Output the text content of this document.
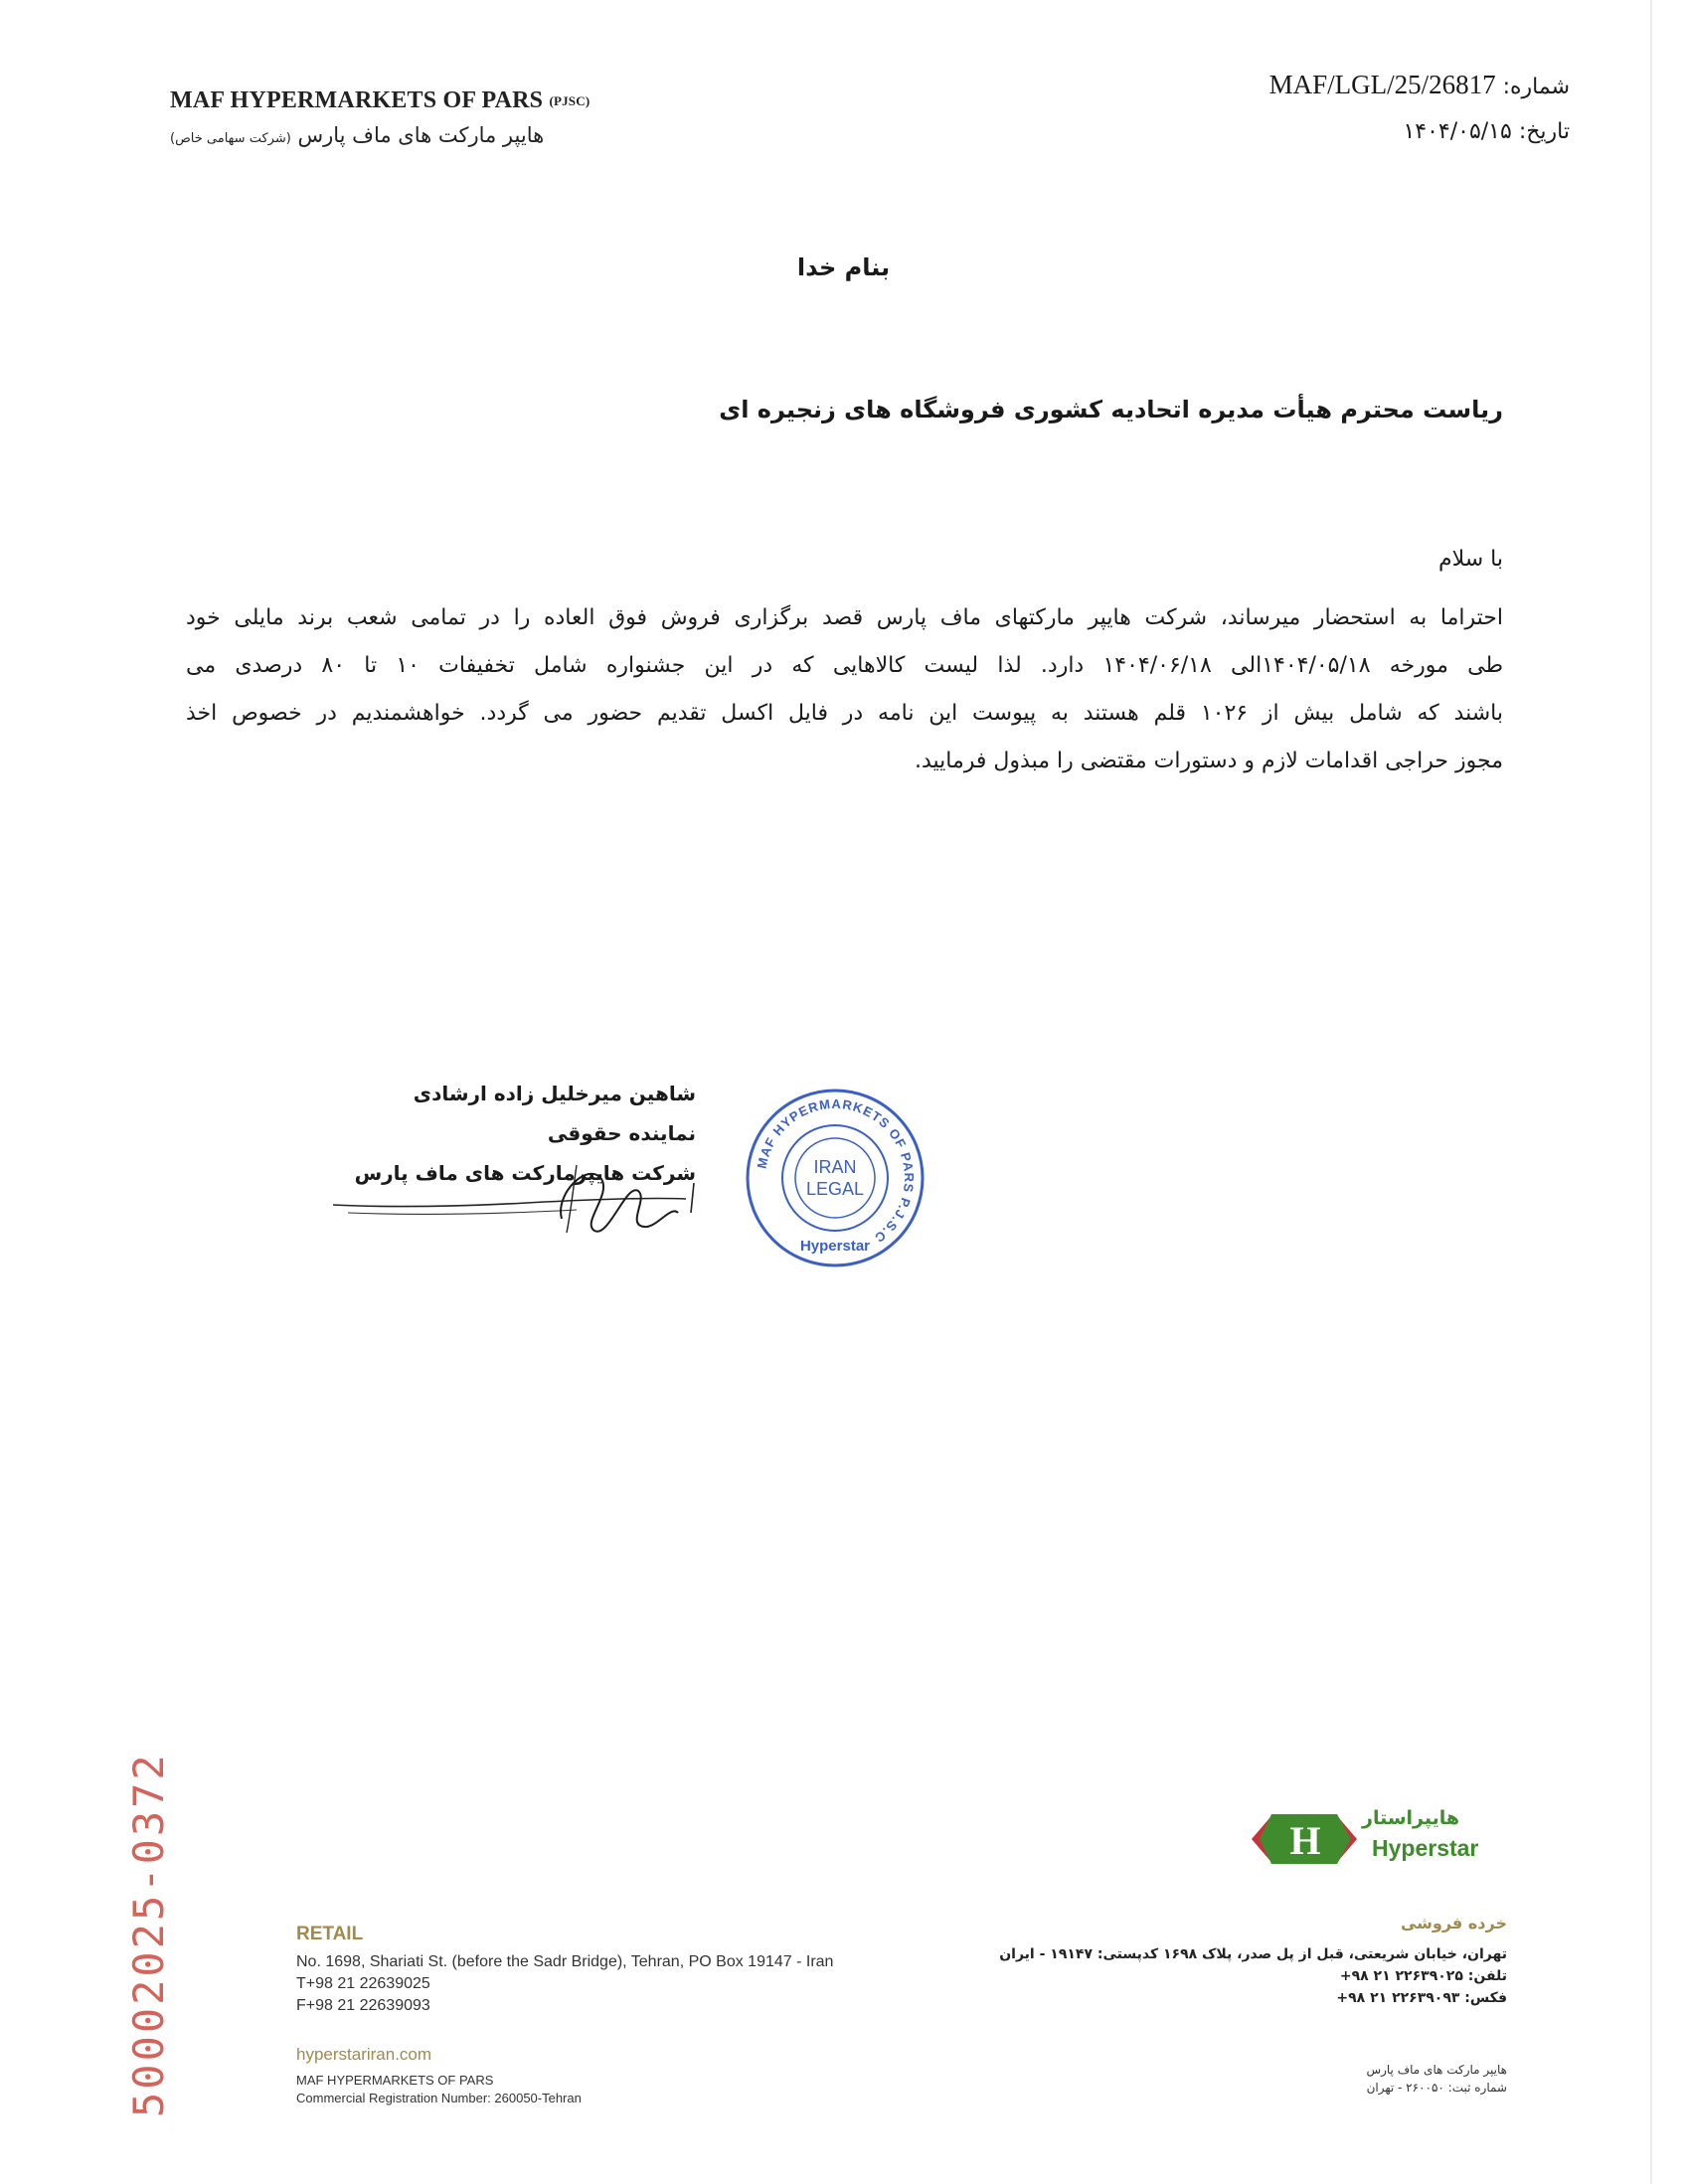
MAF HYPERMARKETS OF PARS (PJSC)
هایپر مارکت های ماف پارس (شرکت سهامی خاص)
شماره: MAF/LGL/25/26817
تاریخ: ۱۴۰۴/۰۵/۱۵
بنام خدا
ریاست محترم هیأت مدیره اتحادیه کشوری فروشگاه های زنجیره ای
با سلام
احتراما به استحضار میرساند، شرکت هایپر مارکتهای ماف پارس قصد برگزاری فروش فوق العاده را در تمامی شعب برند مایلی خود
طی مورخه ۱۴۰۴/۰۵/۱۸الی ۱۴۰۴/۰۶/۱۸ دارد. لذا لیست کالاهایی که در این جشنواره شامل تخفیفات ۱۰ تا ۸۰ درصدی می
باشند که شامل بیش از ۱۰۲۶ قلم هستند به پیوست این نامه در فایل اکسل تقدیم حضور می گردد. خواهشمندیم در خصوص اخذ
مجوز حراجی اقدامات لازم و دستورات مقتضی را مبذول فرمایید.
شاهین میرخلیل زاده ارشادی
نماینده حقوقی
شرکت هایپرمارکت های ماف پارس	MAF HYPERMARKETS OF PARS P.J.S.C
IRAN
LEGAL
Hyperstar
H هایپراستار
Hyperstar
RETAIL
No. 1698, Shariati St. (before the Sadr Bridge), Tehran, PO Box 19147 - Iran
T+98 21 22639025
F+98 21 22639093
hyperstariran.com
MAF HYPERMARKETS OF PARS
Commercial Registration Number: 260050-Tehran
خرده فروشی
تهران، خیابان شریعتی، قبل از پل صدر، پلاک ۱۶۹۸ کدپستی: ۱۹۱۴۷ - ایران
تلفن: ۲۲۶۳۹۰۲۵ ۲۱ ۹۸+
فکس: ۲۲۶۳۹۰۹۳ ۲۱ ۹۸+
هایپر مارکت های ماف پارس
شماره ثبت: ۲۶۰۰۵۰ - تهران
50002025-0372
